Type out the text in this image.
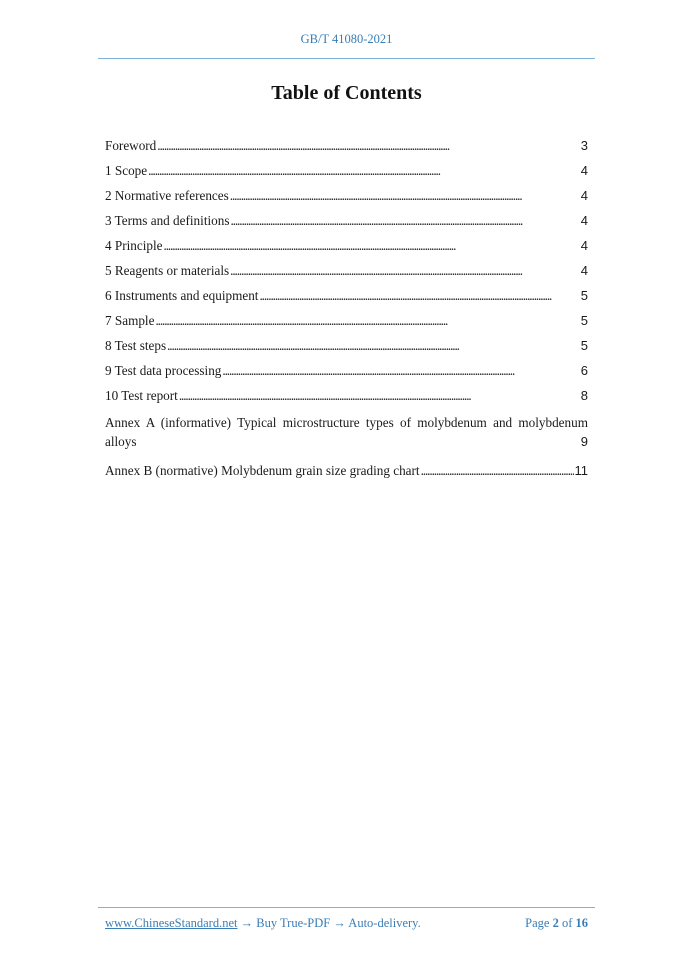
GB/T 41080-2021
Table of Contents
Foreword . . .	3
1 Scope . . .	4
2 Normative references . . .	4
3 Terms and definitions . . .	4
4 Principle . . .	4
5 Reagents or materials . . .	4
6 Instruments and equipment . . .	5
7 Sample . . .	5
8 Test steps . . .	5
9 Test data processing . . .	6
10 Test report . . .	8
Annex A (informative) Typical microstructure types of molybdenum and molybdenum
alloys	9
Annex B (normative) Molybdenum grain size grading chart . . .	11
www.ChineseStandard.net → Buy True-PDF → Auto-delivery.	Page 2 of 16
